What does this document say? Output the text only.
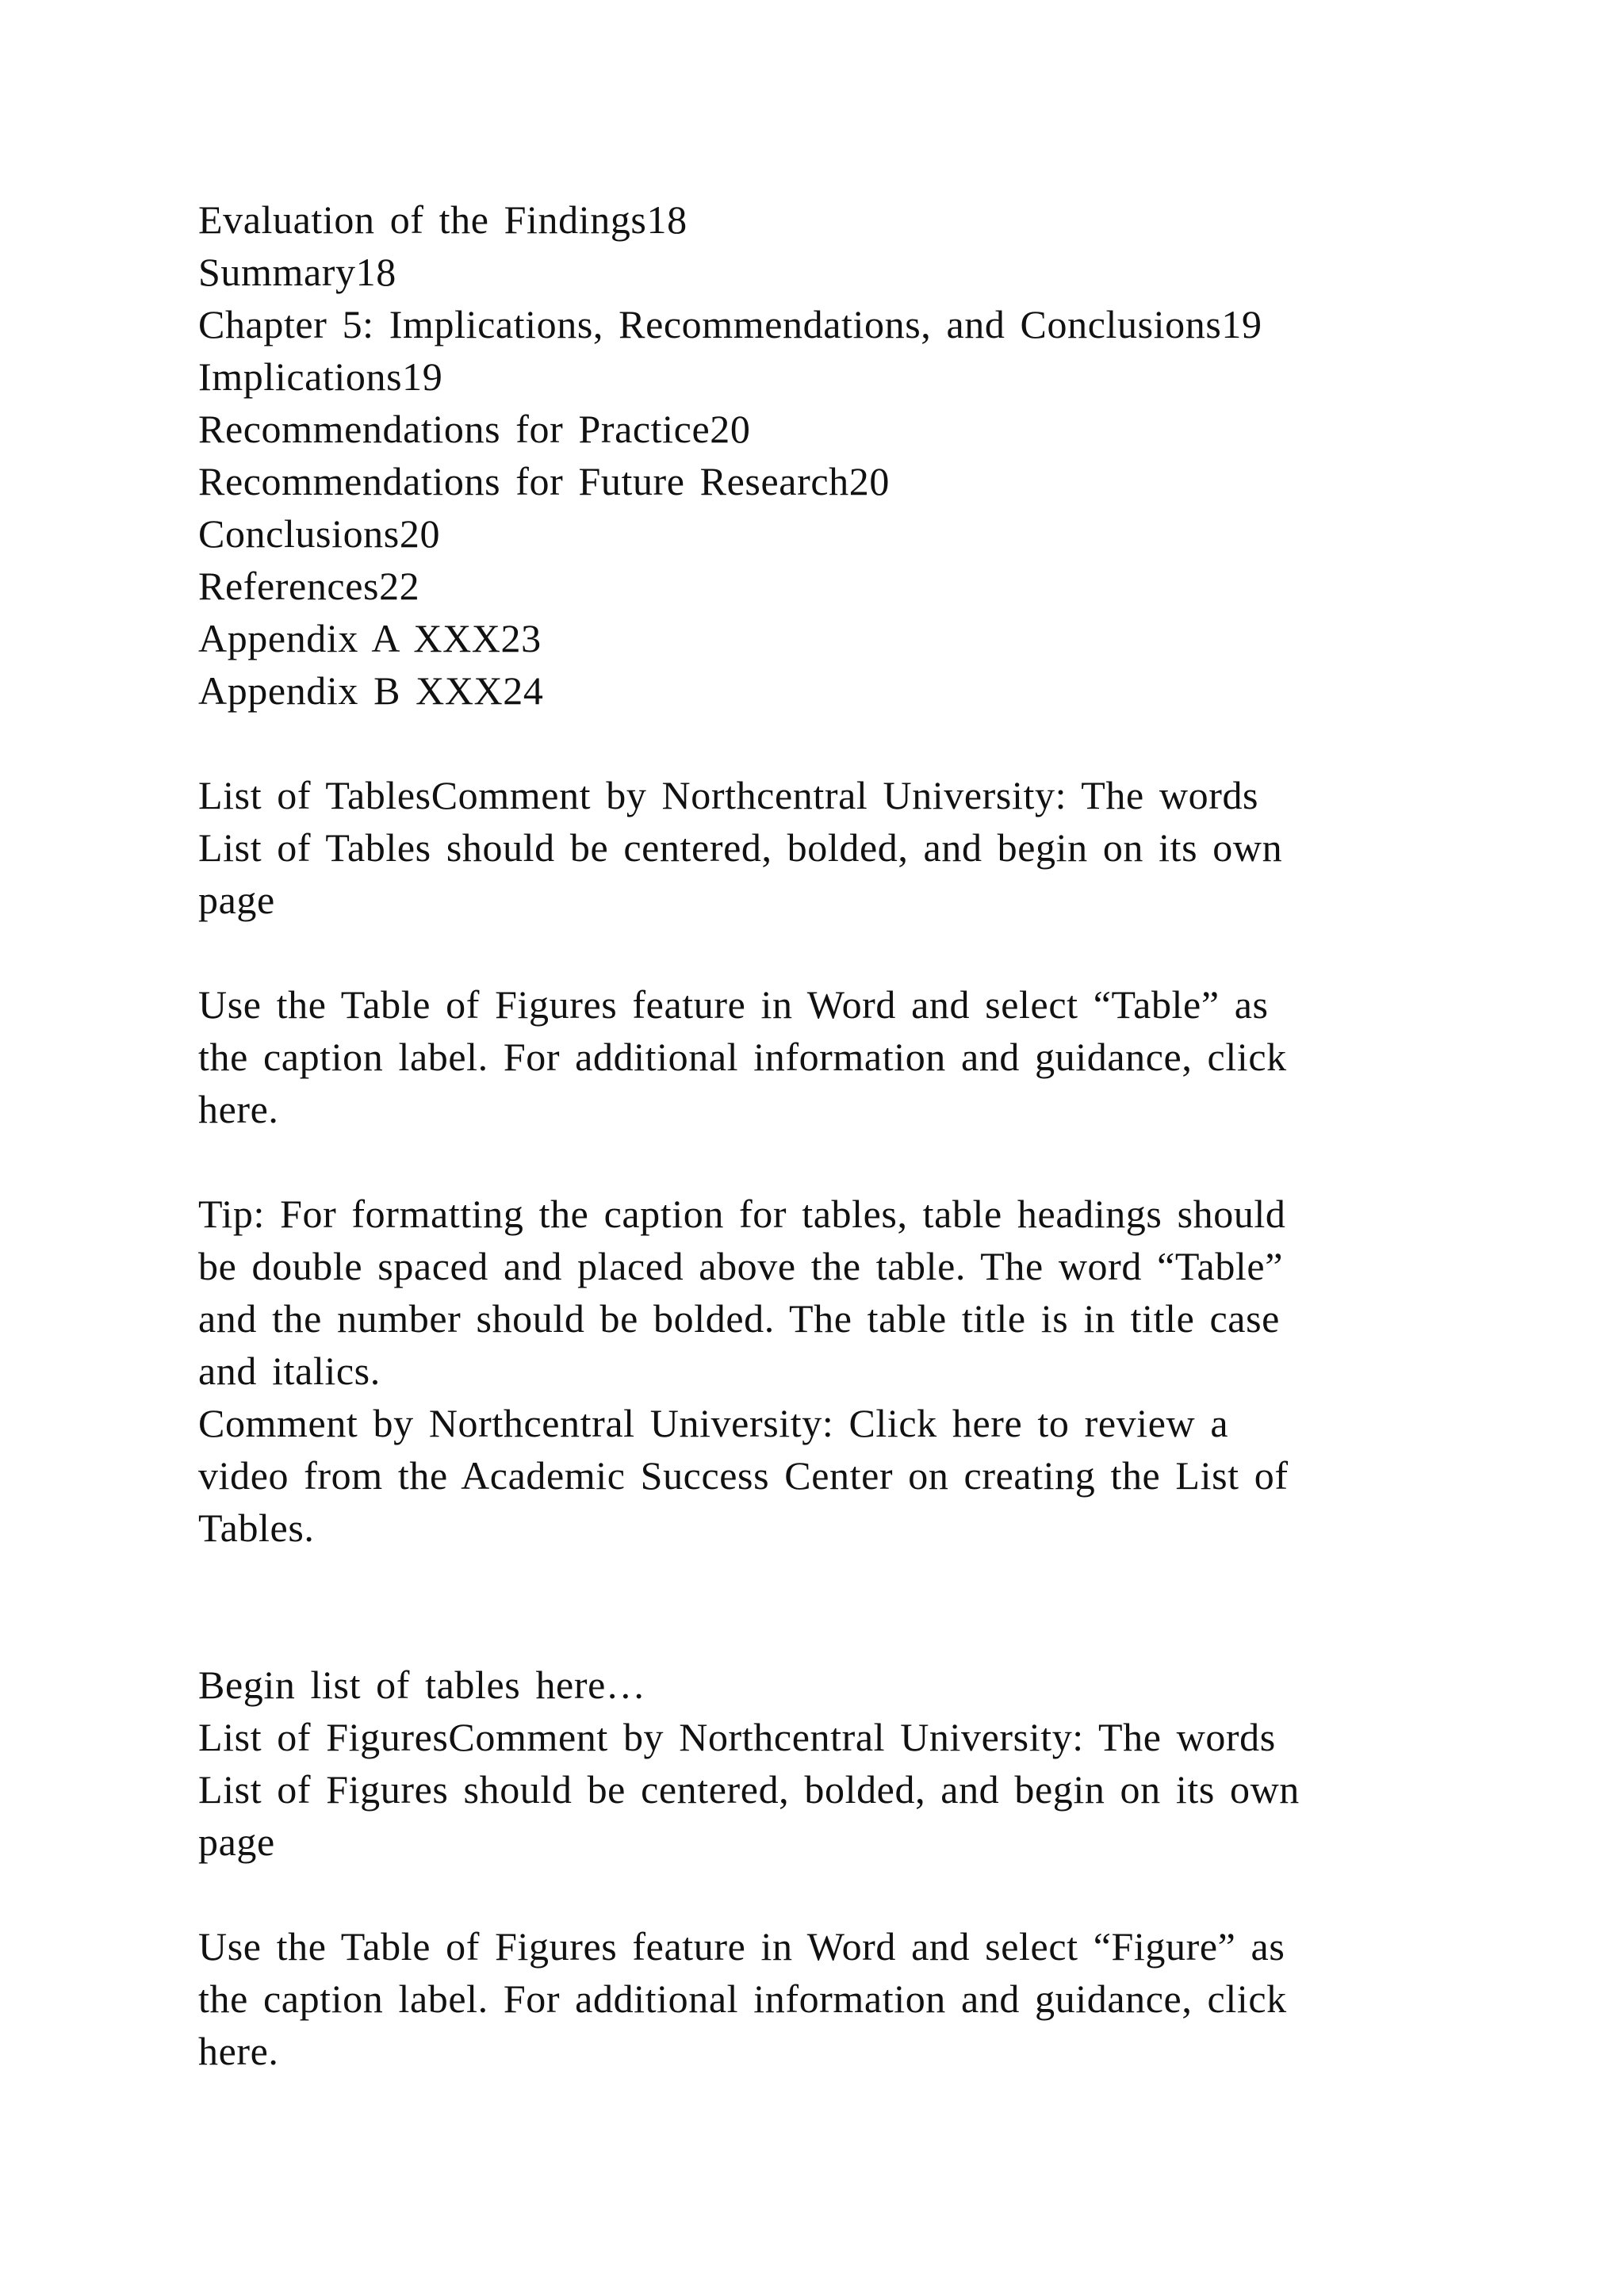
Evaluation of the Findings18
Summary18
Chapter 5: Implications, Recommendations, and Conclusions19
Implications19
Recommendations for Practice20
Recommendations for Future Research20
Conclusions20
References22
Appendix A XXX23
Appendix B XXX24
List of TablesComment by Northcentral University: The words
List of Tables should be centered, bolded, and begin on its own
page
Use the Table of Figures feature in Word and select “Table” as
the caption label. For additional information and guidance, click
here.
Tip: For formatting the caption for tables, table headings should
be double spaced and placed above the table. The word “Table”
and the number should be bolded. The table title is in title case
and italics.
Comment by Northcentral University: Click here to review a
video from the Academic Success Center on creating the List of
Tables.
Begin list of tables here…
List of FiguresComment by Northcentral University: The words
List of Figures should be centered, bolded, and begin on its own
page
Use the Table of Figures feature in Word and select “Figure” as
the caption label. For additional information and guidance, click
here.
